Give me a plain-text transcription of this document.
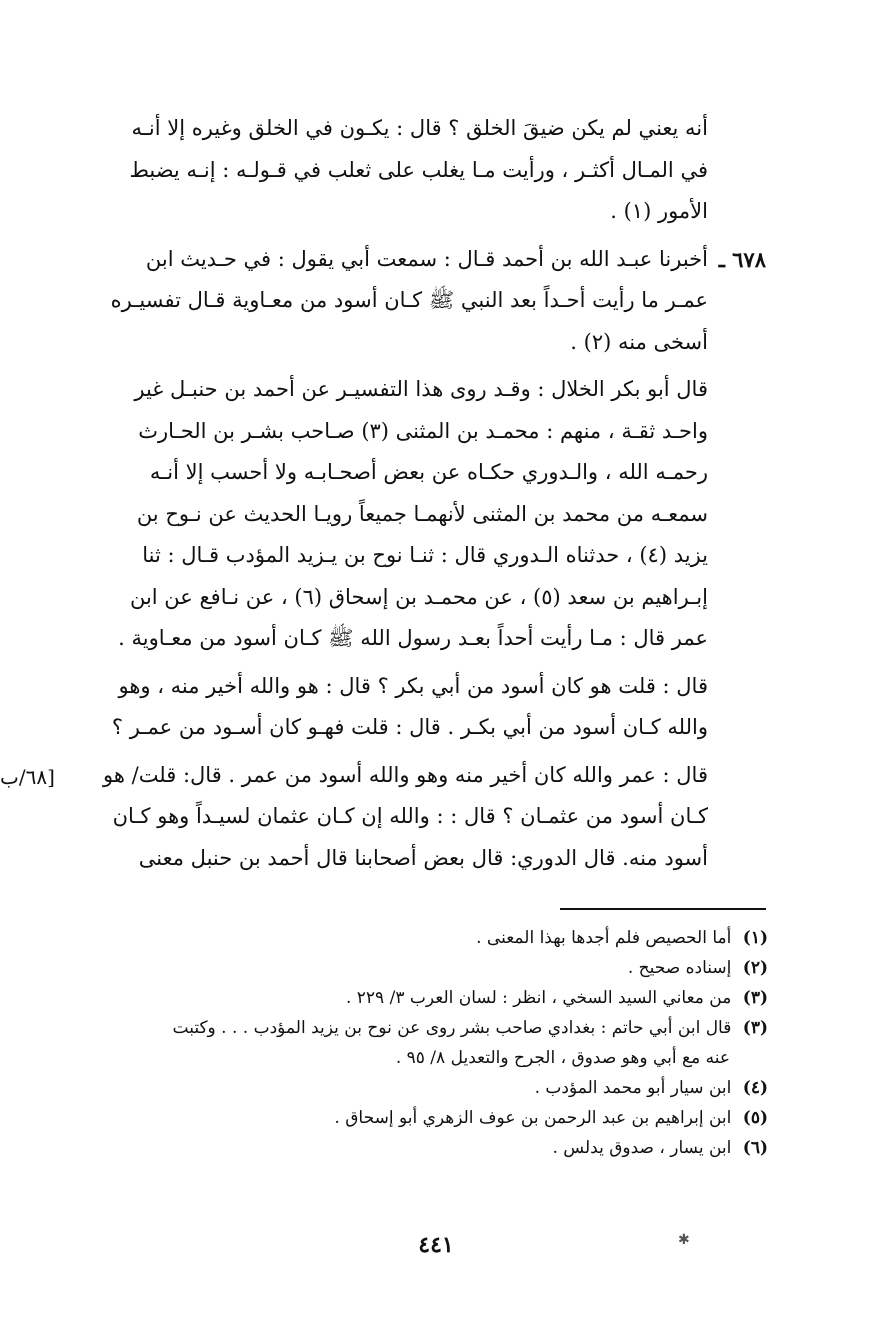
أنه يعني لم يكن ضيقَ الخلق ؟ قال : يكـون في الخلق وغيره إلا أنـه
في المـال أكثـر ، ورأيت مـا يغلب على ثعلب في قـولـه : إنـه يضبط
الأمور (١) .

٦٧٨ ـ
أخبرنا عبـد الله بن أحمد قـال : سمعت أبي يقول : في حـديث ابن
عمـر ما رأيت أحـداً بعد النبي ﷺ كـان أسود من معـاوية قـال تفسيـره
أسخى منه (٢) .

قال أبو بكر الخلال : وقـد روى هذا التفسيـر عن أحمد بن حنبـل غير
واحـد ثقـة ، منهم : محمـد بن المثنى (٣) صـاحب بشـر بن الحـارث
رحمـه الله ، والـدوري حكـاه عن بعض أصحـابـه ولا أحسب إلا أنـه
سمعـه من محمد بن المثنى لأنهمـا جميعاً رويـا الحديث عن نـوح بن
يزيد (٤) ، حدثناه الـدوري قال : ثنـا نوح بن يـزيد المؤدب قـال : ثنا
إبـراهيم بن سعد (٥) ، عن محمـد بن إسحاق (٦) ، عن نـافع عن ابن
عمر قال : مـا رأيت أحداً بعـد رسول الله ﷺ كـان أسود من معـاوية .

قال : قلت هو كان أسود من أبي بكر ؟ قال : هو والله أخير منه ، وهو
والله كـان أسود من أبي بكـر . قال : قلت فهـو كان أسـود من عمـر ؟

قال : عمر والله كان أخير منه وهو والله أسود من عمر . قال: قلت/ هو
كـان أسود من عثمـان ؟ قال : : والله إن كـان عثمان لسيـداً وهو كـان
أسود منه. قال الدوري: قال بعض أصحابنا قال أحمد بن حنبل معنى

[٦٨/ب
(١) أما الحصيص فلم أجدها بهذا المعنى .
(٢) إسناده صحيح .
(٣) من معاني السيد السخي ، انظر : لسان العرب ٣/ ٢٢٩ .
(٣) قال ابن أبي حاتم : بغدادي صاحب بشر روى عن نوح بن يزيد المؤدب . . . وكتبت
عنه مع أبي وهو صدوق ، الجرح والتعديل ٨/ ٩٥ .
(٤) ابن سيار أبو محمد المؤدب .
(٥) ابن إبراهيم بن عبد الرحمن بن عوف الزهري أبو إسحاق .
(٦) ابن يسار ، صدوق يدلس .
✱
٤٤١
